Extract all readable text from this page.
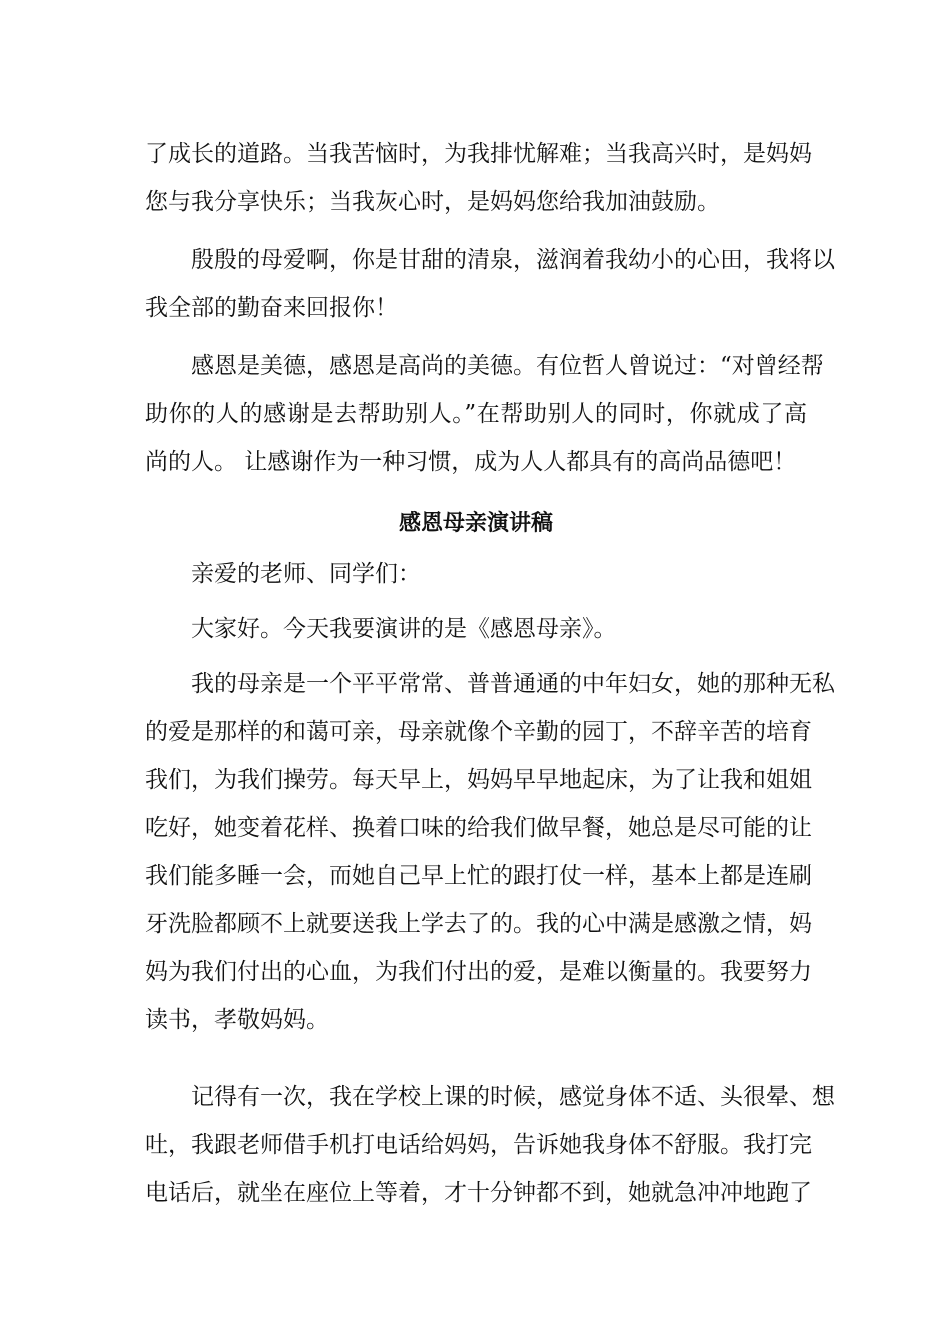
了成长的道路。当我苦恼时，为我排忧解难；当我高兴时，是妈妈
您与我分享快乐；当我灰心时，是妈妈您给我加油鼓励。
　　殷殷的母爱啊，你是甘甜的清泉，滋润着我幼小的心田，我将以
我全部的勤奋来回报你！
　　感恩是美德，感恩是高尚的美德。有位哲人曾说过：“对曾经帮
助你的人的感谢是去帮助别人。”在帮助别人的同时，你就成了高
尚的人。 让感谢作为一种习惯，成为人人都具有的高尚品德吧！
感恩母亲演讲稿
　　亲爱的老师、同学们：
　　大家好。今天我要演讲的是《感恩母亲》。
　　我的母亲是一个平平常常、普普通通的中年妇女，她的那种无私
的爱是那样的和蔼可亲，母亲就像个辛勤的园丁，不辞辛苦的培育
我们，为我们操劳。每天早上，妈妈早早地起床，为了让我和姐姐
吃好，她变着花样、换着口味的给我们做早餐，她总是尽可能的让
我们能多睡一会，而她自己早上忙的跟打仗一样，基本上都是连刷
牙洗脸都顾不上就要送我上学去了的。我的心中满是感激之情，妈
妈为我们付出的心血，为我们付出的爱，是难以衡量的。我要努力
读书，孝敬妈妈。
　　记得有一次，我在学校上课的时候，感觉身体不适、头很晕、想
吐，我跟老师借手机打电话给妈妈，告诉她我身体不舒服。我打完
电话后，就坐在座位上等着，才十分钟都不到，她就急冲冲地跑了
